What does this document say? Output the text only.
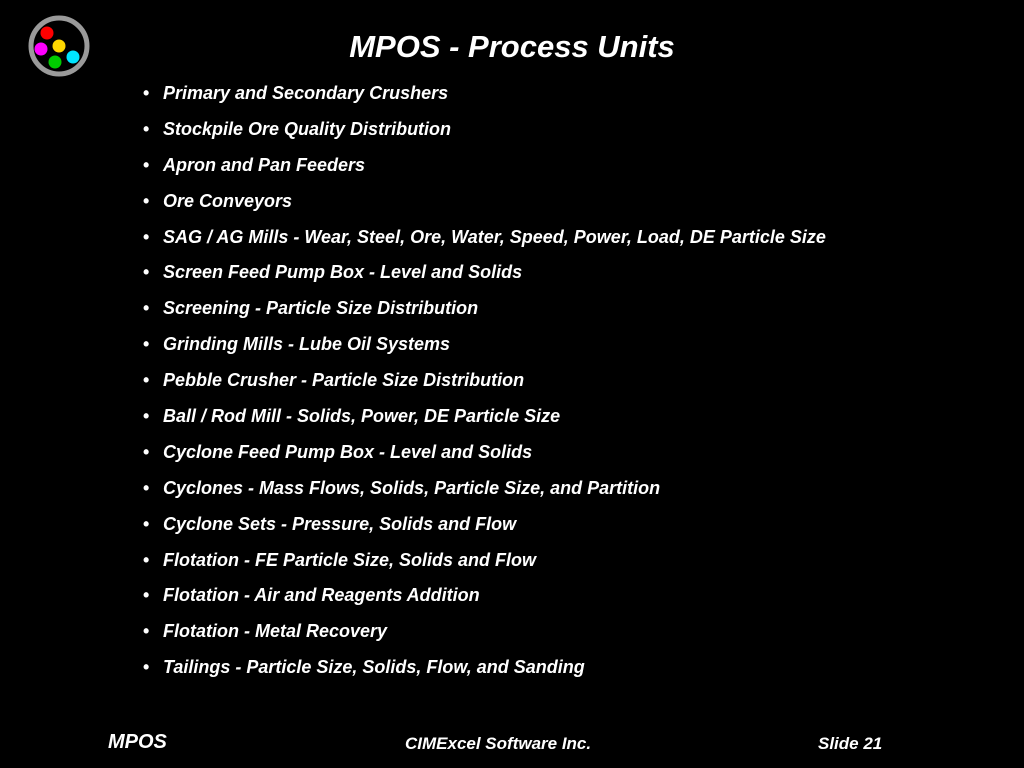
MPOS - Process Units
• Primary and Secondary Crushers
• Stockpile Ore Quality Distribution
• Apron and Pan Feeders
• Ore Conveyors
• SAG / AG Mills - Wear, Steel, Ore, Water, Speed, Power, Load, DE Particle Size
• Screen Feed Pump Box - Level and Solids
• Screening - Particle Size Distribution
• Grinding Mills - Lube Oil Systems
• Pebble Crusher - Particle Size Distribution
• Ball / Rod Mill - Solids, Power, DE Particle Size
• Cyclone Feed Pump Box - Level and Solids
• Cyclones - Mass Flows, Solids, Particle Size, and Partition
• Cyclone Sets - Pressure, Solids and Flow
• Flotation - FE Particle Size, Solids and Flow
• Flotation - Air and Reagents Addition
• Flotation - Metal Recovery
• Tailings - Particle Size, Solids, Flow, and Sanding
MPOS	CIMExcel Software Inc.	Slide 21
